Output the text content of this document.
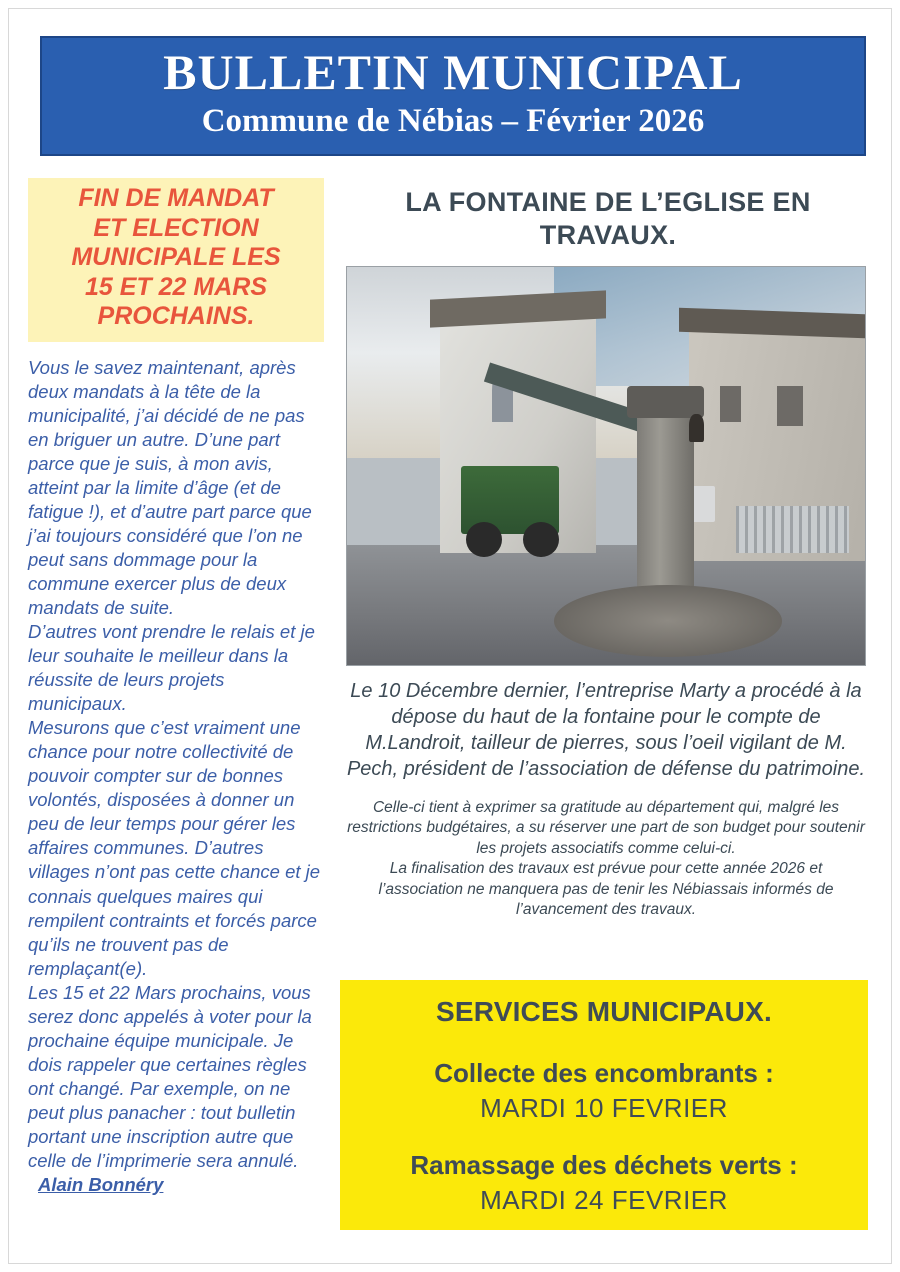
BULLETIN MUNICIPAL
Commune de Nébias – Février 2026
FIN DE MANDAT
ET ELECTION
MUNICIPALE LES
15 ET 22 MARS
PROCHAINS.

Vous le savez maintenant, après deux mandats à la tête de la municipalité, j’ai décidé de ne pas en briguer un autre. D’une part parce que je suis, à mon avis, atteint par la limite d’âge (et de fatigue !), et d’autre part parce que j’ai toujours considéré que l’on ne peut sans dommage pour la commune exercer plus de deux mandats de suite.

D’autres vont prendre le relais et je leur souhaite le meilleur dans la réussite de leurs projets municipaux.

Mesurons que c’est vraiment une chance pour notre collectivité de pouvoir compter sur de bonnes volontés, disposées à donner un peu de leur temps pour gérer les affaires communes. D’autres villages n’ont pas cette chance et je connais quelques maires qui rempilent contraints et forcés parce qu’ils ne trouvent pas de remplaçant(e).

Les 15 et 22 Mars prochains, vous serez donc appelés à voter pour la prochaine équipe municipale. Je dois rappeler que certaines règles ont changé. Par exemple, on ne peut plus panacher : tout bulletin portant une inscription autre que celle de l’imprimerie sera annulé. Alain Bonnéry

LA FONTAINE DE L’EGLISE EN TRAVAUX.
Le 10 Décembre dernier, l’entreprise Marty a procédé à la dépose du haut de la fontaine pour le compte de M.Landroit, tailleur de pierres, sous l’oeil vigilant de M. Pech, président de l’association de défense du patrimoine.

Celle-ci tient à exprimer sa gratitude au département qui, malgré les restrictions budgétaires, a su réserver une part de son budget pour soutenir les projets associatifs comme celui-ci.

La finalisation des travaux est prévue pour cette année 2026 et l’association ne manquera pas de tenir les Nébiassais informés de l’avancement des travaux.

SERVICES MUNICIPAUX.
Collecte des encombrants :
MARDI 10 FEVRIER
Ramassage des déchets verts :
MARDI 24 FEVRIER
